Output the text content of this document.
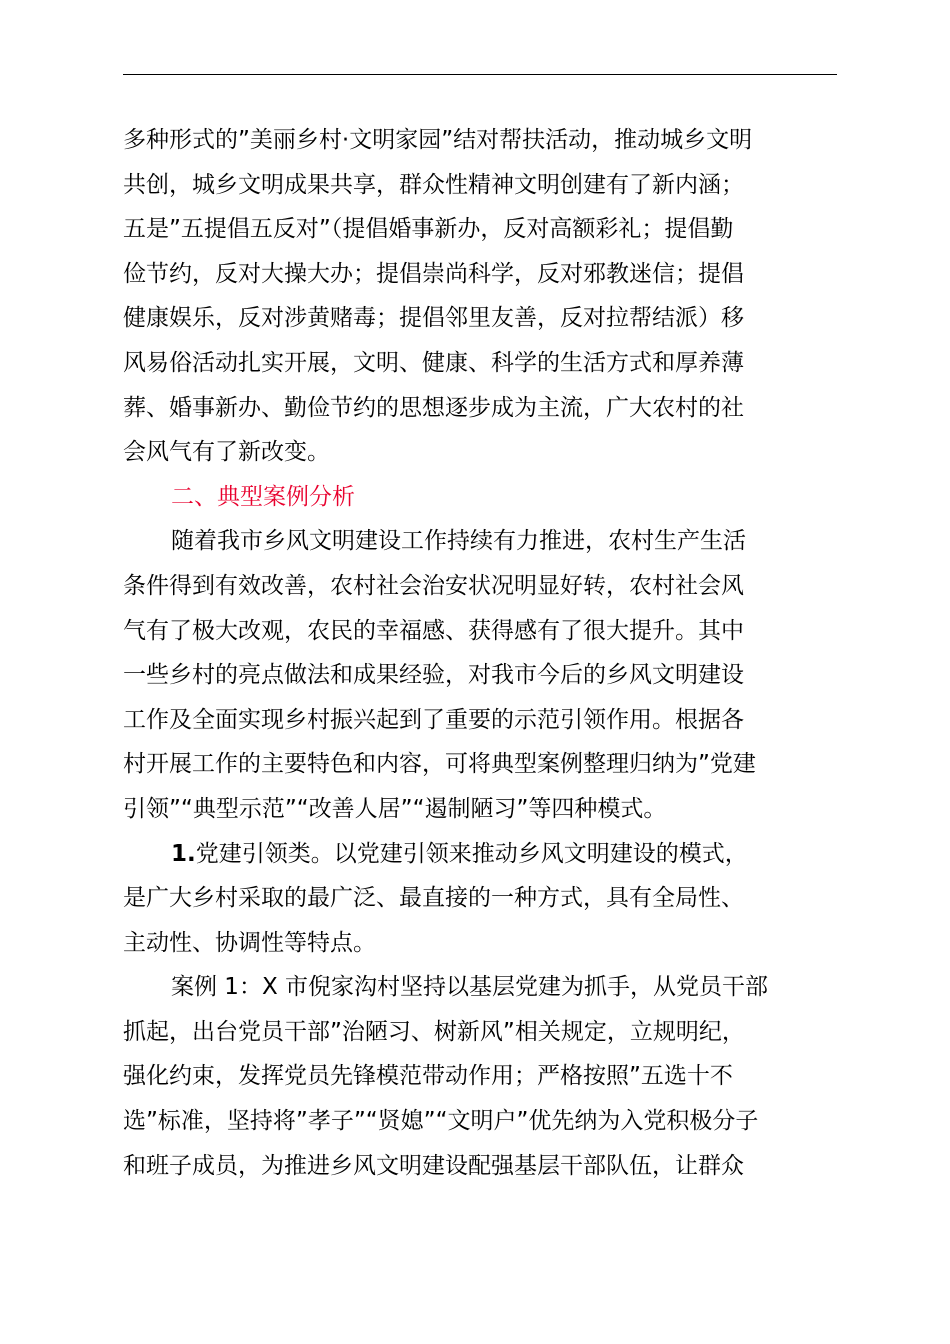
多种形式的”美丽乡村·文明家园”结对帮扶活动，推动城乡文明
共创，城乡文明成果共享，群众性精神文明创建有了新内涵；
五是”五提倡五反对”（提倡婚事新办，反对高额彩礼；提倡勤
俭节约，反对大操大办；提倡崇尚科学，反对邪教迷信；提倡
健康娱乐，反对涉黄赌毒；提倡邻里友善，反对拉帮结派）移
风易俗活动扎实开展，文明、健康、科学的生活方式和厚养薄
葬、婚事新办、勤俭节约的思想逐步成为主流，广大农村的社
会风气有了新改变。
二、典型案例分析
随着我市乡风文明建设工作持续有力推进，农村生产生活
条件得到有效改善，农村社会治安状况明显好转，农村社会风
气有了极大改观，农民的幸福感、获得感有了很大提升。其中
一些乡村的亮点做法和成果经验，对我市今后的乡风文明建设
工作及全面实现乡村振兴起到了重要的示范引领作用。根据各
村开展工作的主要特色和内容，可将典型案例整理归纳为”党建
引领”“典型示范”“改善人居”“遏制陋习”等四种模式。
1.党建引领类。以党建引领来推动乡风文明建设的模式，
是广大乡村采取的最广泛、最直接的一种方式，具有全局性、
主动性、协调性等特点。
案例 1：X 市倪家沟村坚持以基层党建为抓手，从党员干部
抓起，出台党员干部”治陋习、树新风”相关规定，立规明纪，
强化约束，发挥党员先锋模范带动作用；严格按照”五选十不
选”标准，坚持将”孝子”“贤媳”“文明户”优先纳为入党积极分子
和班子成员，为推进乡风文明建设配强基层干部队伍，让群众
